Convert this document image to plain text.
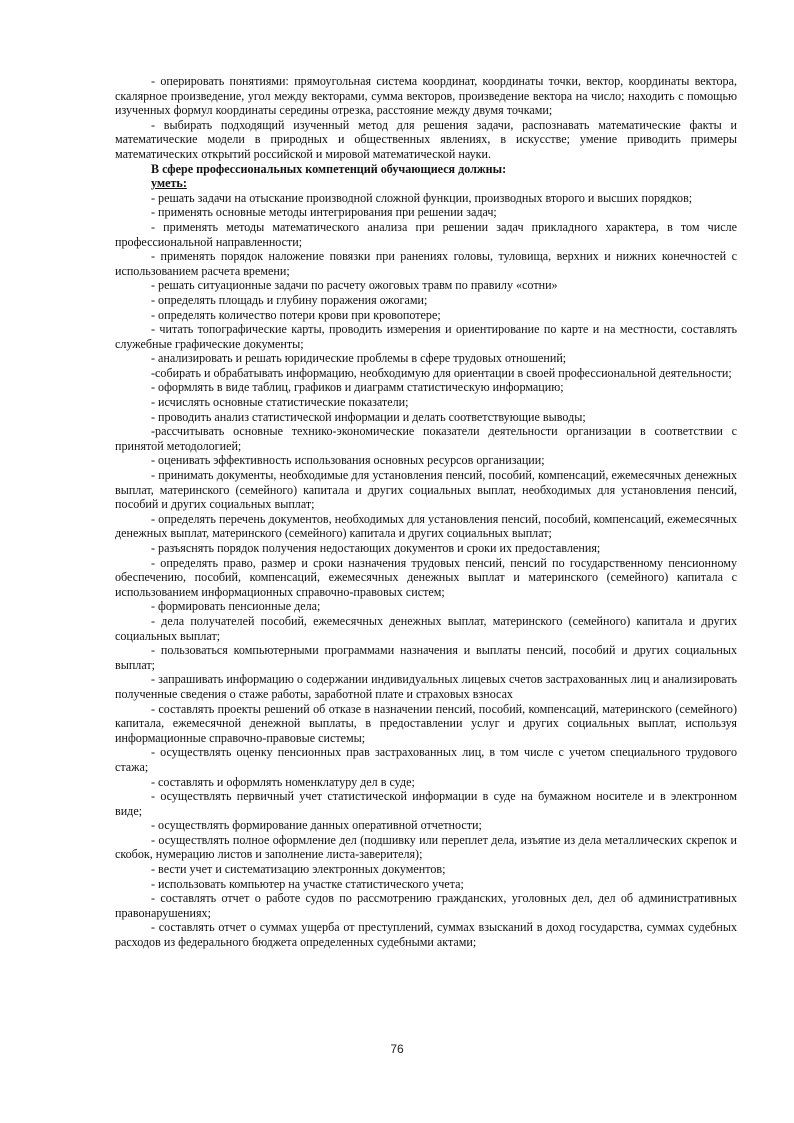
- оперировать понятиями: прямоугольная система координат, координаты точки, вектор, координаты вектора, скалярное произведение, угол между векторами, сумма векторов, произведение вектора на число; находить с помощью изученных формул координаты середины отрезка, расстояние между двумя точками;

- выбирать подходящий изученный метод для решения задачи, распознавать математические факты и математические модели в природных и общественных явлениях, в искусстве; умение приводить примеры математических открытий российской и мировой математической науки.

В сфере профессиональных компетенций обучающиеся должны:

уметь:

- решать задачи на отыскание производной сложной функции, производных второго и высших порядков;

- применять основные методы интегрирования при решении задач;

- применять методы математического анализа при решении задач прикладного характера, в том числе профессиональной направленности;

- применять порядок наложение повязки при ранениях головы, туловища, верхних и нижних конечностей с использованием расчета времени;

- решать ситуационные задачи по расчету ожоговых травм по правилу «сотни»

- определять площадь и глубину поражения ожогами;

- определять количество потери крови при кровопотере;

- читать топографические карты, проводить измерения и ориентирование по карте и на местности, составлять служебные графические документы;

- анализировать и решать юридические проблемы в сфере трудовых отношений;

-собирать и обрабатывать информацию, необходимую для ориентации в своей профессиональной деятельности;

- оформлять в виде таблиц, графиков и диаграмм статистическую информацию;

- исчислять основные статистические показатели;

- проводить анализ статистической информации и делать соответствующие выводы;

-рассчитывать основные технико-экономические показатели деятельности организации в соответствии с принятой методологией;

- оценивать эффективность использования основных ресурсов организации;

- принимать документы, необходимые для установления пенсий, пособий, компенсаций, ежемесячных денежных выплат, материнского (семейного) капитала и других социальных выплат, необходимых для установления пенсий, пособий и других социальных выплат;

- определять перечень документов, необходимых для установления пенсий, пособий, компенсаций, ежемесячных денежных выплат, материнского (семейного) капитала и других социальных выплат;

- разъяснять порядок получения недостающих документов и сроки их предоставления;

- определять право, размер и сроки назначения трудовых пенсий, пенсий по государственному пенсионному обеспечению, пособий, компенсаций, ежемесячных денежных выплат и материнского (семейного) капитала с использованием информационных справочно-правовых систем;

- формировать пенсионные дела;

- дела получателей пособий, ежемесячных денежных выплат, материнского (семейного) капитала и других социальных выплат;

- пользоваться компьютерными программами назначения и выплаты пенсий, пособий и других социальных выплат;

- запрашивать информацию о содержании индивидуальных лицевых счетов застрахованных лиц и анализировать полученные сведения о стаже работы, заработной плате и страховых взносах

- составлять проекты решений об отказе в назначении пенсий, пособий, компенсаций, материнского (семейного) капитала, ежемесячной денежной выплаты, в предоставлении услуг и других социальных выплат, используя информационные справочно-правовые системы;

- осуществлять оценку пенсионных прав застрахованных лиц, в том числе с учетом специального трудового стажа;

- составлять и оформлять номенклатуру дел в суде;

- осуществлять первичный учет статистической информации в суде на бумажном носителе и в электронном виде;

- осуществлять формирование данных оперативной отчетности;

- осуществлять полное оформление дел (подшивку или переплет дела, изъятие из дела металлических скрепок и скобок, нумерацию листов и заполнение листа-заверителя);

- вести учет и систематизацию электронных документов;

- использовать компьютер на участке статистического учета;

- составлять отчет о работе судов по рассмотрению гражданских, уголовных дел, дел об административных правонарушениях;

- составлять отчет о суммах ущерба от преступлений, суммах взысканий в доход государства, суммах судебных расходов из федерального бюджета определенных судебными актами;

76
